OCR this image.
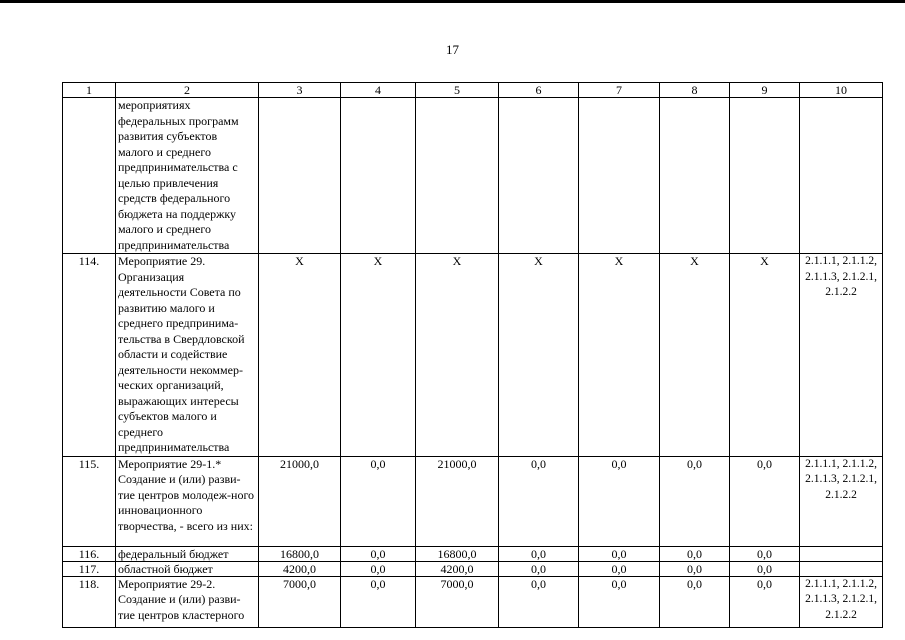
17
1	2	3	4	5	6	7	8	9	10
	мероприятиях федеральных программ развития субъектов малого и среднего предпринимательства с целью привлечения средств федерального бюджета на поддержку малого и среднего предпринимательства								
114.	Мероприятие 29. Организация деятельности Совета по развитию малого и среднего предпринима-тельства в Свердловской области и содействие деятельности некоммер-ческих организаций, выражающих интересы субъектов малого и среднего предпринимательства	Х	Х	Х	Х	Х	Х	Х	2.1.1.1, 2.1.1.2, 2.1.1.3, 2.1.2.1, 2.1.2.2
115.	Мероприятие 29-1.* Создание и (или) разви-тие центров молодеж-ного инновационного творчества, - всего из них:	21000,0	0,0	21000,0	0,0	0,0	0,0	0,0	2.1.1.1, 2.1.1.2, 2.1.1.3, 2.1.2.1, 2.1.2.2
116.	федеральный бюджет	16800,0	0,0	16800,0	0,0	0,0	0,0	0,0	
117.	областной бюджет	4200,0	0,0	4200,0	0,0	0,0	0,0	0,0	
118.	Мероприятие 29-2. Создание и (или) разви-тие центров кластерного	7000,0	0,0	7000,0	0,0	0,0	0,0	0,0	2.1.1.1, 2.1.1.2, 2.1.1.3, 2.1.2.1, 2.1.2.2
